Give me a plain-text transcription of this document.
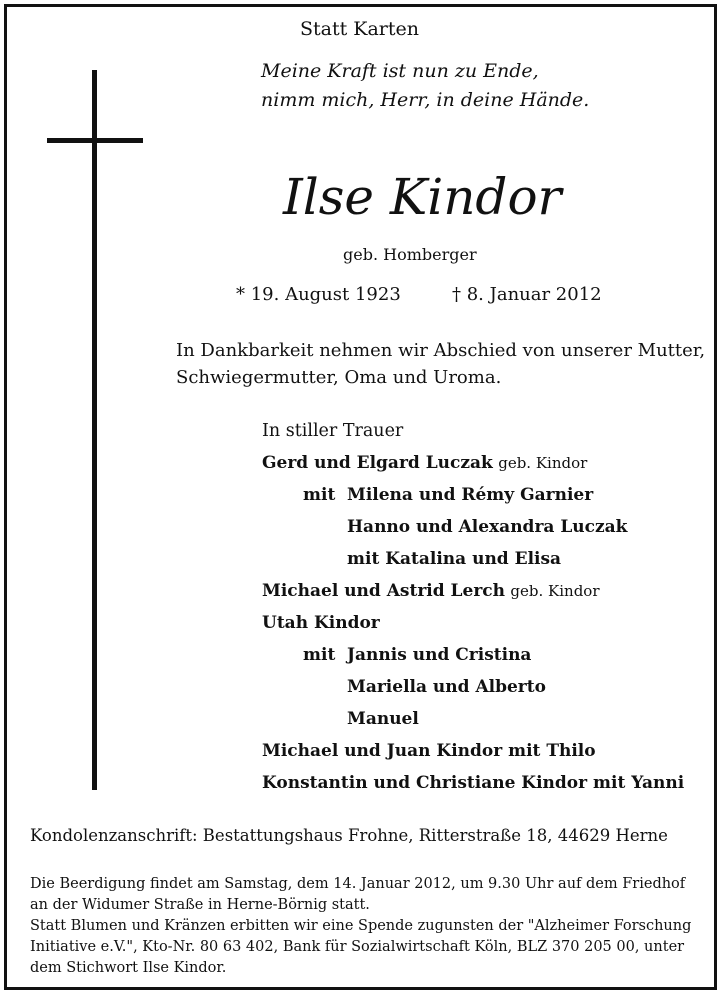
Statt Karten
Meine Kraft ist nun zu Ende,
nimm mich, Herr, in deine Hände.
Ilse Kindor
geb. Homberger
* 19. August 1923	† 8. Januar 2012
In Dankbarkeit nehmen wir Abschied von unserer Mutter,
Schwiegermutter, Oma und Uroma.
In stiller Trauer
Gerd und Elgard Luczak geb. Kindor
mit Milena und Rémy Garnier
Hanno und Alexandra Luczak
mit Katalina und Elisa
Michael und Astrid Lerch geb. Kindor
Utah Kindor
mit Jannis und Cristina
Mariella und Alberto
Manuel
Michael und Juan Kindor mit Thilo
Konstantin und Christiane Kindor mit Yanni
Kondolenzanschrift: Bestattungshaus Frohne, Ritterstraße 18, 44629 Herne
Die Beerdigung findet am Samstag, dem 14. Januar 2012, um 9.30 Uhr auf dem Friedhof
an der Widumer Straße in Herne-Börnig statt.
Statt Blumen und Kränzen erbitten wir eine Spende zugunsten der "Alzheimer Forschung
Initiative e.V.", Kto-Nr. 80 63 402, Bank für Sozialwirtschaft Köln, BLZ 370 205 00, unter
dem Stichwort Ilse Kindor.
